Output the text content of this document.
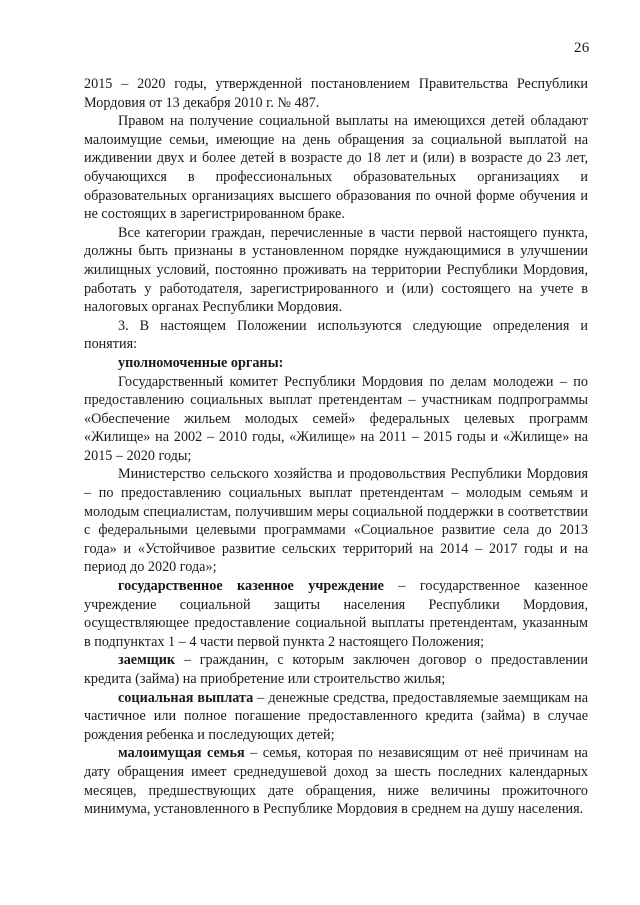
26

2015 – 2020 годы, утвержденной постановлением Правительства Республики Мордовия от 13 декабря 2010 г. № 487.

Правом на получение социальной выплаты на имеющихся детей обладают малоимущие семьи, имеющие на день обращения за социальной выплатой на иждивении двух и более детей в возрасте до 18 лет и (или) в возрасте до 23 лет, обучающихся в профессиональных образовательных организациях и образовательных организациях высшего образования по очной форме обучения и не состоящих в зарегистрированном браке.

Все категории граждан, перечисленные в части первой настоящего пункта, должны быть признаны в установленном порядке нуждающимися в улучшении жилищных условий, постоянно проживать на территории Республики Мордовия, работать у работодателя, зарегистрированного и (или) состоящего на учете в налоговых органах Республики Мордовия.

3. В настоящем Положении используются следующие определения и понятия:

уполномоченные органы:

Государственный комитет Республики Мордовия по делам молодежи – по предоставлению социальных выплат претендентам – участникам подпрограммы «Обеспечение жильем молодых семей» федеральных целевых программ «Жилище» на 2002 – 2010 годы, «Жилище» на 2011 – 2015 годы и «Жилище» на 2015 – 2020 годы;

Министерство сельского хозяйства и продовольствия Республики Мордовия – по предоставлению социальных выплат претендентам – молодым семьям и молодым специалистам, получившим меры социальной поддержки в соответствии с федеральными целевыми программами «Социальное развитие села до 2013 года» и «Устойчивое развитие сельских территорий на 2014 – 2017 годы и на период до 2020 года»;

государственное казенное учреждение – государственное казенное учреждение социальной защиты населения Республики Мордовия, осуществляющее предоставление социальной выплаты претендентам, указанным в подпунктах 1 – 4 части первой пункта 2 настоящего Положения;

заемщик – гражданин, с которым заключен договор о предоставлении кредита (займа) на приобретение или строительство жилья;

социальная выплата – денежные средства, предоставляемые заемщикам на частичное или полное погашение предоставленного кредита (займа) в случае рождения ребенка и последующих детей;

малоимущая семья – семья, которая по независящим от неё причинам на дату обращения имеет среднедушевой доход за шесть последних календарных месяцев, предшествующих дате обращения, ниже величины прожиточного минимума, установленного в Республике Мордовия в среднем на душу населения.
